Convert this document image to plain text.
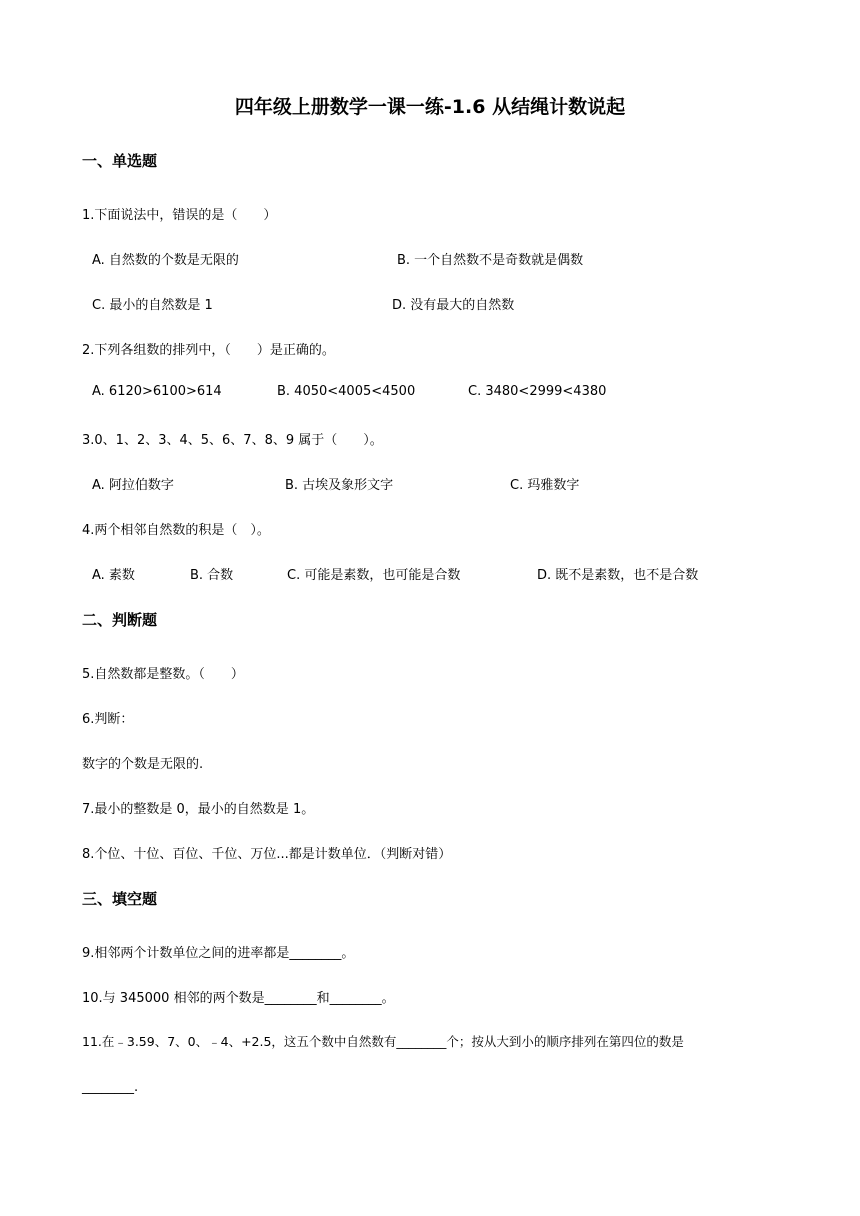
四年级上册数学一课一练-1.6 从结绳计数说起
一、单选题
1.下面说法中，错误的是（　　）
A. 自然数的个数是无限的	B. 一个自然数不是奇数就是偶数
C. 最小的自然数是 1	D. 没有最大的自然数
2.下列各组数的排列中，（　　）是正确的。
A. 6120>6100>614	B. 4050<4005<4500	C. 3480<2999<4380
3.0、1、2、3、4、5、6、7、8、9 属于（　　）。
A. 阿拉伯数字	B. 古埃及象形文字	C. 玛雅数字
4.两个相邻自然数的积是（　）。
A. 素数	B. 合数	C. 可能是素数，也可能是合数	D. 既不是素数，也不是合数
二、判断题
5.自然数都是整数。（　　）
6.判断：
数字的个数是无限的.
7.最小的整数是 0，最小的自然数是 1。
8.个位、十位、百位、千位、万位...都是计数单位．（判断对错）
三、填空题
9.相邻两个计数单位之间的进率都是________。
10.与 345000 相邻的两个数是________和________。
11.在﹣3.59、7、0、﹣4、+2.5，这五个数中自然数有________个；按从大到小的顺序排列在第四位的数是
________.
